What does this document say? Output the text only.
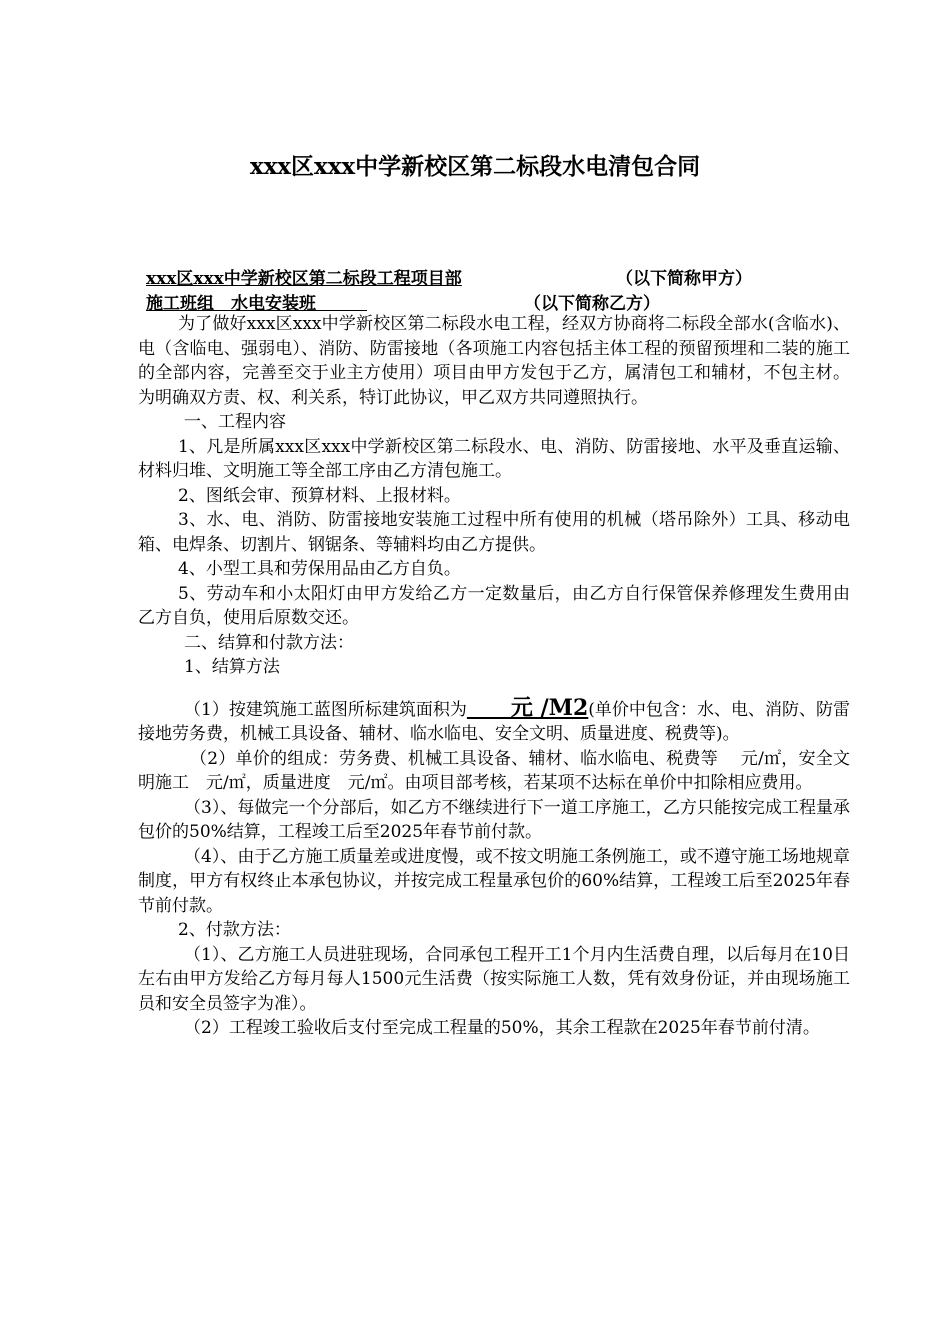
xxx区xxx中学新校区第二标段水电清包合同
xxx区xxx中学新校区第二标段工程项目部	（以下简称甲方）
施工班组　水电安装班　　　	（以下简称乙方）

为了做好xxx区xxx中学新校区第二标段水电工程，经双方协商将二标段全部水(含临水)、电（含临电、强弱电）、消防、防雷接地（各项施工内容包括主体工程的预留预埋和二装的施工的全部内容，完善至交于业主方使用）项目由甲方发包于乙方，属清包工和辅材，不包主材。为明确双方责、权、利关系，特订此协议，甲乙双方共同遵照执行。

一、工程内容

1、凡是所属xxx区xxx中学新校区第二标段水、电、消防、防雷接地、水平及垂直运输、材料归堆、文明施工等全部工序由乙方清包施工。

2、图纸会审、预算材料、上报材料。

3、水、电、消防、防雷接地安装施工过程中所有使用的机械（塔吊除外）工具、移动电箱、电焊条、切割片、钢锯条、等辅料均由乙方提供。

4、小型工具和劳保用品由乙方自负。

5、劳动车和小太阳灯由甲方发给乙方一定数量后，由乙方自行保管保养修理发生费用由乙方自负，使用后原数交还。

二、结算和付款方法：

1、结算方法

（1）按建筑施工蓝图所标建筑面积为　　元 /M2(单价中包含：水、电、消防、防雷接地劳务费，机械工具设备、辅材、临水临电、安全文明、质量进度、税费等)。

（2）单价的组成：劳务费、机械工具设备、辅材、临水临电、税费等　 元/㎡，安全文明施工　元/㎡，质量进度　元/㎡。由项目部考核，若某项不达标在单价中扣除相应费用。

（3）、每做完一个分部后，如乙方不继续进行下一道工序施工，乙方只能按完成工程量承包价的50%结算，工程竣工后至2025年春节前付款。

（4）、由于乙方施工质量差或进度慢，或不按文明施工条例施工，或不遵守施工场地规章制度，甲方有权终止本承包协议，并按完成工程量承包价的60%结算，工程竣工后至2025年春节前付款。

2、付款方法：

（1）、乙方施工人员进驻现场，合同承包工程开工1个月内生活费自理，以后每月在10日左右由甲方发给乙方每月每人1500元生活费（按实际施工人数，凭有效身份证，并由现场施工员和安全员签字为准）。

（2）工程竣工验收后支付至完成工程量的50%，其余工程款在2025年春节前付清。
